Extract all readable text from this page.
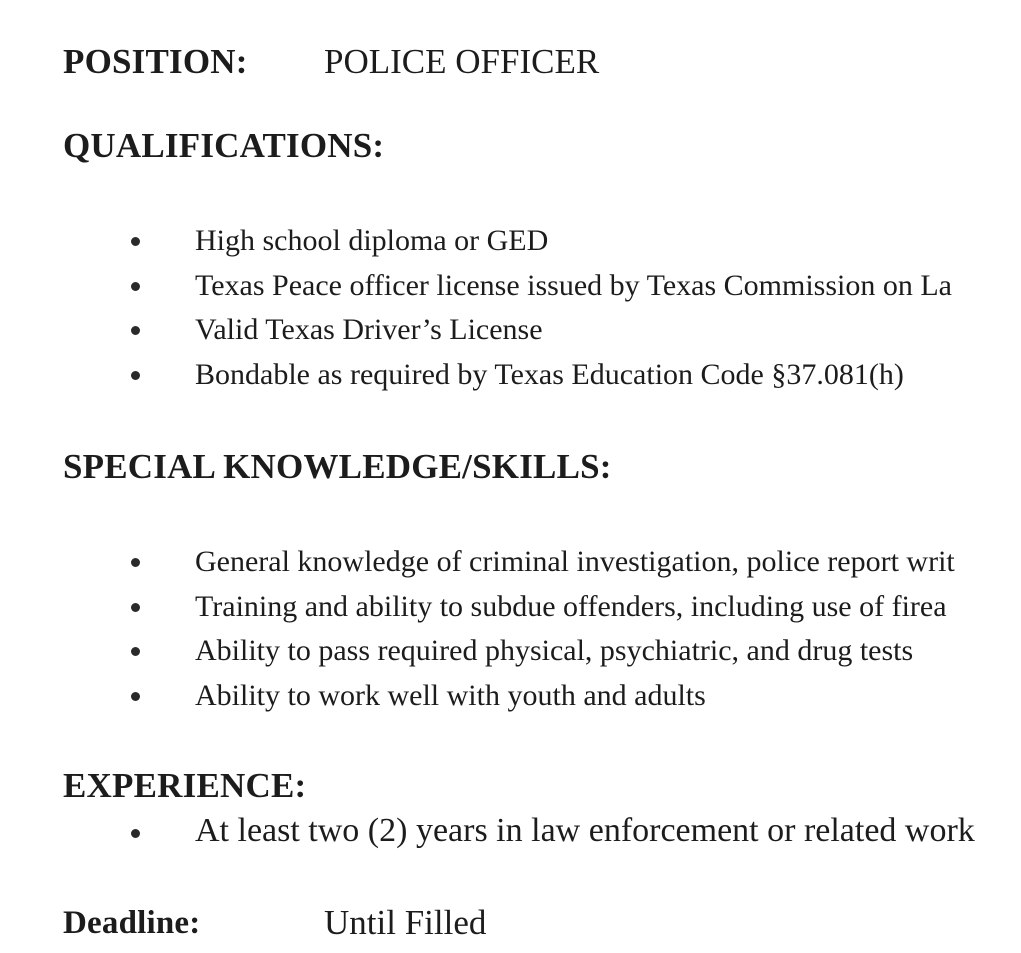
POSITION: POLICE OFFICER
QUALIFICATIONS:
High school diploma or GED
Texas Peace officer license issued by Texas Commission on La
Valid Texas Driver’s License
Bondable as required by Texas Education Code §37.081(h)
SPECIAL KNOWLEDGE/SKILLS:
General knowledge of criminal investigation, police report writ
Training and ability to subdue offenders, including use of firea
Ability to pass required physical, psychiatric, and drug tests
Ability to work well with youth and adults
EXPERIENCE:
At least two (2) years in law enforcement or related work
Deadline:	Until Filled
